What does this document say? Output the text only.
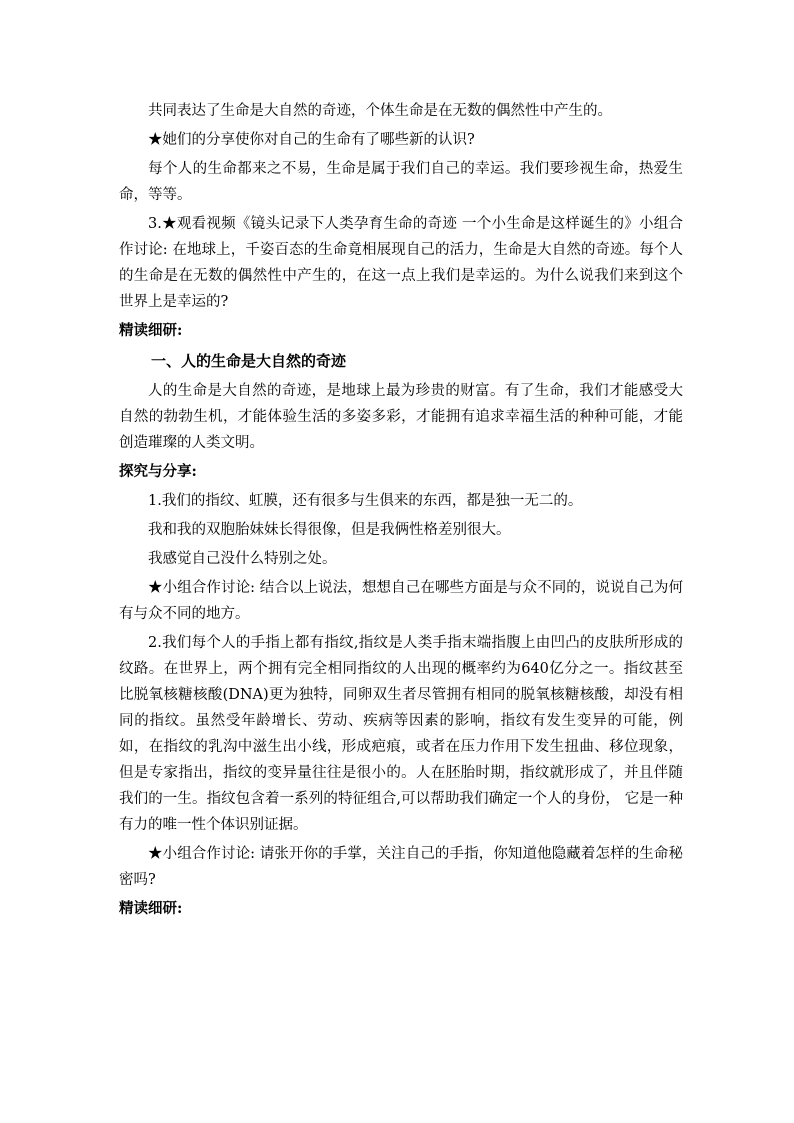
共同表达了生命是大自然的奇迹，个体生命是在无数的偶然性中产生的。

★她们的分享使你对自己的生命有了哪些新的认识?

每个人的生命都来之不易，生命是属于我们自己的幸运。我们要珍视生命，热爱生命，等等。

3.★观看视频《镜头记录下人类孕育生命的奇迹 一个小生命是这样诞生的》小组合作讨论: 在地球上，千姿百态的生命竟相展现自己的活力，生命是大自然的奇迹。每个人的生命是在无数的偶然性中产生的，在这一点上我们是幸运的。为什么说我们来到这个世界上是幸运的?

精读细研:
一、人的生命是大自然的奇迹

人的生命是大自然的奇迹，是地球上最为珍贵的财富。有了生命，我们才能感受大自然的勃勃生机，才能体验生活的多姿多彩，才能拥有追求幸福生活的种种可能，才能创造璀璨的人类文明。

探究与分享:

1.我们的指纹、虹膜，还有很多与生俱来的东西，都是独一无二的。

我和我的双胞胎妹妹长得很像，但是我俩性格差别很大。

我感觉自己没什么特别之处。

★小组合作讨论: 结合以上说法，想想自己在哪些方面是与众不同的，说说自己为何有与众不同的地方。

2.我们每个人的手指上都有指纹,指纹是人类手指末端指腹上由凹凸的皮肤所形成的纹路。在世界上，两个拥有完全相同指纹的人出现的概率约为640亿分之一。指纹甚至比脱氧核糖核酸(DNA)更为独特，同卵双生者尽管拥有相同的脱氧核糖核酸，却没有相同的指纹。虽然受年龄增长、劳动、疾病等因素的影响，指纹有发生变异的可能，例如，在指纹的乳沟中滋生出小线，形成疤痕，或者在压力作用下发生扭曲、移位现象，但是专家指出，指纹的变异量往往是很小的。人在胚胎时期，指纹就形成了，并且伴随我们的一生。指纹包含着一系列的特征组合,可以帮助我们确定一个人的身份， 它是一种有力的唯一性个体识别证据。

★小组合作讨论: 请张开你的手掌，关注自己的手指，你知道他隐藏着怎样的生命秘密吗?

精读细研:
